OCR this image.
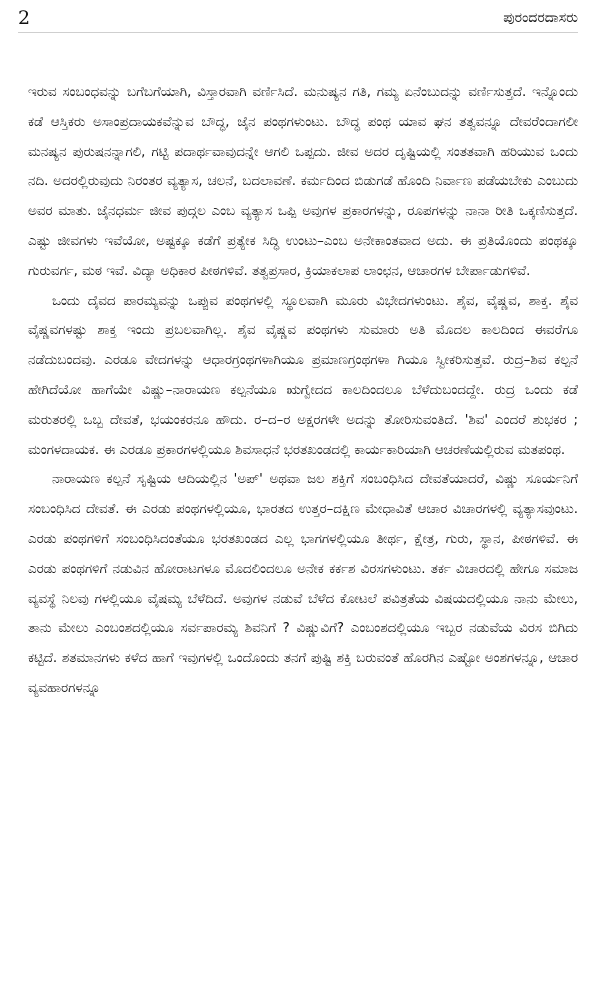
2	ಪುರಂದರದಾಸರು

ಇರುವ ಸಂಬಂಧವನ್ನು ಬಗೆಬಗೆಯಾಗಿ, ವಿಸ್ತಾರವಾಗಿ ವರ್ಣಿಸಿದೆ. ಮನುಷ್ಯನ ಗತಿ, ಗಮ್ಯ ಏನೆಂಬುದನ್ನು ವರ್ಣಿಸುತ್ತದೆ. ಇನ್ನೊಂದು ಕಡೆ ಆಸ್ತಿಕರು ಅಸಾಂಪ್ರದಾಯಕವೆನ್ನುವ ಬೌದ್ಧ, ಜೈನ ಪಂಥಗಳುಂಟು. ಬೌದ್ಧ ಪಂಥ ಯಾವ ಘನ ತತ್ವವನ್ನೂ ದೇವರೆಂದಾಗಲೀ ಮನಷ್ಯನ ಪುರುಷನನ್ನಾಗಲಿ, ಗಟ್ಟಿ ಪದಾರ್ಥವಾವುದನ್ನೇ ಆಗಲಿ ಒಪ್ಪದು. ಜೀವ ಅದರ ದೃಷ್ಟಿಯಲ್ಲಿ ಸಂತತವಾಗಿ ಹರಿಯುವ ಒಂದು ನದಿ. ಅದರಲ್ಲಿರುವುದು ನಿರಂತರ ವ್ಯತ್ಯಾಸ, ಚಲನೆ, ಬದಲಾವಣೆ. ಕರ್ಮದಿಂದ ಬಿಡುಗಡೆ ಹೊಂದಿ ನಿರ್ವಾಣ ಪಡೆಯಬೇಕು ಎಂಬುದು ಅವರ ಮಾತು. ಜೈನಧರ್ಮ ಜೀವ ಪುದ್ಗಲ ಎಂಬ ವ್ಯತ್ಯಾಸ ಒಪ್ಪಿ ಅವುಗಳ ಪ್ರಕಾರಗಳನ್ನು, ರೂಪಗಳನ್ನು ನಾನಾ ರೀತಿ ಒಕ್ಕಣಿಸುತ್ತದೆ. ಎಷ್ಟು ಜೀವಗಳು ಇವೆಯೋ, ಅಷ್ಟಕ್ಕೂ ಕಡೆಗೆ ಪ್ರತ್ಯೇಕ ಸಿದ್ಧಿ ಉಂಟು–ಎಂಬ ಅನೇಕಾಂತವಾದ ಅದು. ಈ ಪ್ರತಿಯೊಂದು ಪಂಥಕ್ಕೂ ಗುರುವರ್ಗ, ಮಠ ಇವೆ. ವಿದ್ಯಾ ಅಧಿಕಾರ ಪೀಠಗಳಿವೆ. ತತ್ವಪ್ರಸಾರ, ಕ್ರಿಯಾಕಲಾಪ ಲಾಂಛನ, ಆಚಾರಗಳ ಬೇರ್ಪಾಡುಗಳಿವೆ.

ಒಂದು ದೈವದ ಪಾರಮ್ಯವನ್ನು ಒಪ್ಪುವ ಪಂಥಗಳಲ್ಲಿ ಸ್ಥೂಲವಾಗಿ ಮೂರು ವಿಭೇದಗಳುಂಟು. ಶೈವ, ವೈಷ್ಣವ, ಶಾಕ್ತ. ಶೈವ ವೈಷ್ಣವಗಳಷ್ಟು ಶಾಕ್ತ ಇಂದು ಪ್ರಬಲವಾಗಿಲ್ಲ. ಶೈವ ವೈಷ್ಣವ ಪಂಥಗಳು ಸುಮಾರು ಅತಿ ಮೊದಲ ಕಾಲದಿಂದ ಈವರೆಗೂ ನಡೆದುಬಂದವು. ಎರಡೂ ವೇದಗಳನ್ನು ಆಧಾರಗ್ರಂಥಗಳಾಗಿಯೂ ಪ್ರಮಾಣಗ್ರಂಥಗಳಾ ಗಿಯೂ ಸ್ವೀಕರಿಸುತ್ತವೆ. ರುದ್ರ–ಶಿವ ಕಲ್ಪನೆ ಹೇಗಿದೆಯೋ ಹಾಗೆಯೇ ವಿಷ್ಣು–ನಾರಾಯಣ ಕಲ್ಪನೆಯೂ ಋಗ್ವೇದದ ಕಾಲದಿಂದಲೂ ಬೆಳೆದುಬಂದದ್ದೇ. ರುದ್ರ ಒಂದು ಕಡೆ ಮರುತರಲ್ಲಿ ಒಬ್ಬ ದೇವತೆ, ಭಯಂಕರನೂ ಹೌದು. ರ–ದ–ರ ಅಕ್ಷರಗಳೇ ಅದನ್ನು ತೋರಿಸುವಂತಿದೆ. 'ಶಿವ' ಎಂದರೆ ಶುಭಕರ ; ಮಂಗಳದಾಯಕ. ಈ ಎರಡೂ ಪ್ರಕಾರಗಳಲ್ಲಿಯೂ ಶಿವಸಾಧನೆ ಭರತಖಂಡದಲ್ಲಿ ಕಾರ್ಯಕಾರಿಯಾಗಿ ಆಚರಣೆಯಲ್ಲಿರುವ ಮತಪಂಥ.

ನಾರಾಯಣ ಕಲ್ಪನೆ ಸೃಷ್ಟಿಯ ಆದಿಯಲ್ಲಿನ 'ಅಪ್' ಅಥವಾ ಜಲ ಶಕ್ತಿಗೆ ಸಂಬಂಧಿಸಿದ ದೇವತೆಯಾದರೆ, ವಿಷ್ಣು ಸೂರ್ಯನಿಗೆ ಸಂಬಂಧಿಸಿದ ದೇವತೆ. ಈ ಎರಡು ಪಂಥಗಳಲ್ಲಿಯೂ, ಭಾರತದ ಉತ್ತರ–ದಕ್ಷಿಣ ಮೇಧಾವಿತೆ ಆಚಾರ ವಿಚಾರಗಳಲ್ಲಿ ವ್ಯತ್ಯಾಸವುಂಟು. ಎರಡು ಪಂಥಗಳಿಗೆ ಸಂಬಂಧಿಸಿದಂತೆಯೂ ಭರತಖಂಡದ ಎಲ್ಲ ಭಾಗಗಳಲ್ಲಿಯೂ ತೀರ್ಥ, ಕ್ಷೇತ್ರ, ಗುರು, ಸ್ಥಾನ, ಪೀಠಗಳಿವೆ. ಈ ಎರಡು ಪಂಥಗಳಿಗೆ ನಡುವಿನ ಹೋರಾಟಗಳೂ ಮೊದಲಿಂದಲೂ ಅನೇಕ ಕರ್ಕಶ ವಿರಸಗಳುಂಟು. ತರ್ಕ ವಿಚಾರದಲ್ಲಿ ಹೇಗೂ ಸಮಾಜ ವ್ಯವಸ್ಥೆ ನಿಲವು ಗಳಲ್ಲಿಯೂ ವೈಷಮ್ಯ ಬೆಳೆದಿದೆ. ಅವುಗಳ ನಡುವೆ ಬೆಳೆದ ಕೋಟಲೆ ಪವಿತ್ರತೆಯ ವಿಷಯದಲ್ಲಿಯೂ ನಾನು ಮೇಲು, ತಾನು ಮೇಲು ಎಂಬಂಶದಲ್ಲಿಯೂ ಸರ್ವಪಾರಮ್ಯ ಶಿವನಿಗೆ ? ವಿಷ್ಣುವಿಗೆ? ಎಂಬಂಶದಲ್ಲಿಯೂ ಇಬ್ಬರ ನಡುವೆಯ ವಿರಸ ಬಿಗಿದು ಕಟ್ಟಿದೆ. ಶತಮಾನಗಳು ಕಳೆದ ಹಾಗೆ ಇವುಗಳಲ್ಲಿ ಒಂದೊಂದು ತನಗೆ ಪುಷ್ಟಿ ಶಕ್ತಿ ಬರುವಂತೆ ಹೊರಗಿನ ಎಷ್ಟೋ ಅಂಶಗಳನ್ನೂ, ಆಚಾರ ವ್ಯವಹಾರಗಳನ್ನೂ
